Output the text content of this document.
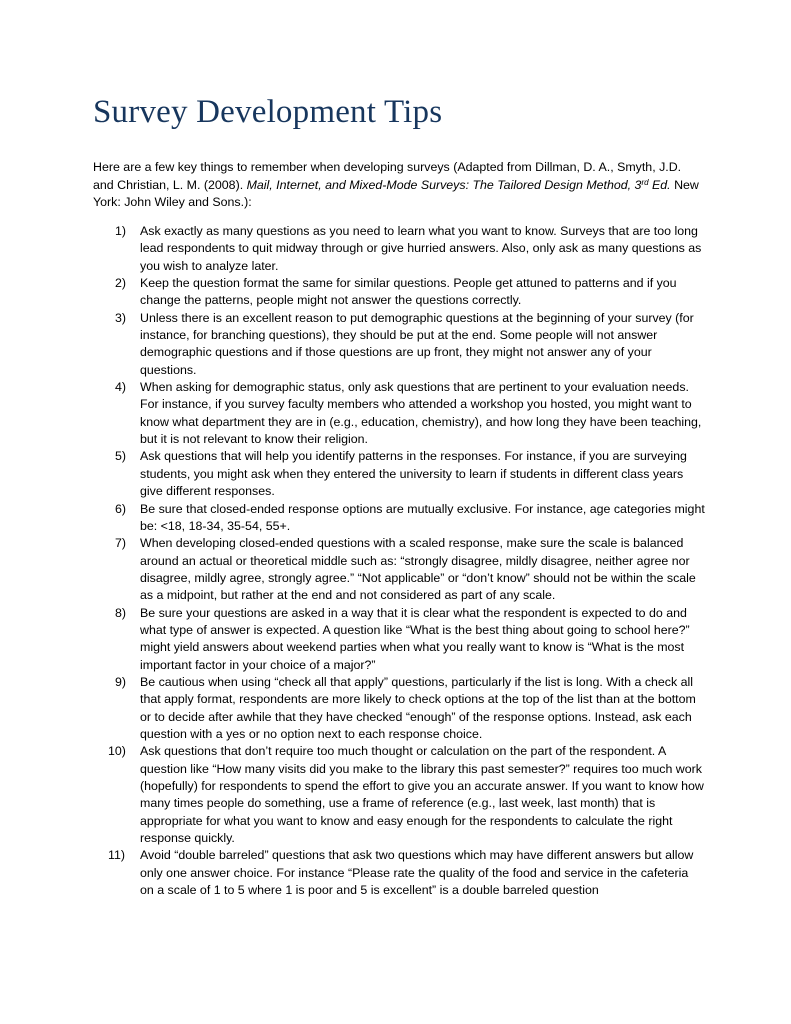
Survey Development Tips

Here are a few key things to remember when developing surveys (Adapted from Dillman, D. A., Smyth, J.D. and Christian, L. M. (2008). Mail, Internet, and Mixed-Mode Surveys: The Tailored Design Method, 3rd Ed. New York: John Wiley and Sons.):

1) Ask exactly as many questions as you need to learn what you want to know. Surveys that are too long lead respondents to quit midway through or give hurried answers. Also, only ask as many questions as you wish to analyze later.
2) Keep the question format the same for similar questions. People get attuned to patterns and if you change the patterns, people might not answer the questions correctly.
3) Unless there is an excellent reason to put demographic questions at the beginning of your survey (for instance, for branching questions), they should be put at the end. Some people will not answer demographic questions and if those questions are up front, they might not answer any of your questions.
4) When asking for demographic status, only ask questions that are pertinent to your evaluation needs. For instance, if you survey faculty members who attended a workshop you hosted, you might want to know what department they are in (e.g., education, chemistry), and how long they have been teaching, but it is not relevant to know their religion.
5) Ask questions that will help you identify patterns in the responses. For instance, if you are surveying students, you might ask when they entered the university to learn if students in different class years give different responses.
6) Be sure that closed-ended response options are mutually exclusive. For instance, age categories might be: <18, 18-34, 35-54, 55+.
7) When developing closed-ended questions with a scaled response, make sure the scale is balanced around an actual or theoretical middle such as: “strongly disagree, mildly disagree, neither agree nor disagree, mildly agree, strongly agree.” “Not applicable” or “don’t know” should not be within the scale as a midpoint, but rather at the end and not considered as part of any scale.
8) Be sure your questions are asked in a way that it is clear what the respondent is expected to do and what type of answer is expected. A question like “What is the best thing about going to school here?” might yield answers about weekend parties when what you really want to know is “What is the most important factor in your choice of a major?”
9) Be cautious when using “check all that apply” questions, particularly if the list is long. With a check all that apply format, respondents are more likely to check options at the top of the list than at the bottom or to decide after awhile that they have checked “enough” of the response options. Instead, ask each question with a yes or no option next to each response choice.
10) Ask questions that don’t require too much thought or calculation on the part of the respondent. A question like “How many visits did you make to the library this past semester?” requires too much work (hopefully) for respondents to spend the effort to give you an accurate answer. If you want to know how many times people do something, use a frame of reference (e.g., last week, last month) that is appropriate for what you want to know and easy enough for the respondents to calculate the right response quickly.
11) Avoid “double barreled” questions that ask two questions which may have different answers but allow only one answer choice. For instance “Please rate the quality of the food and service in the cafeteria on a scale of 1 to 5 where 1 is poor and 5 is excellent” is a double barreled question
